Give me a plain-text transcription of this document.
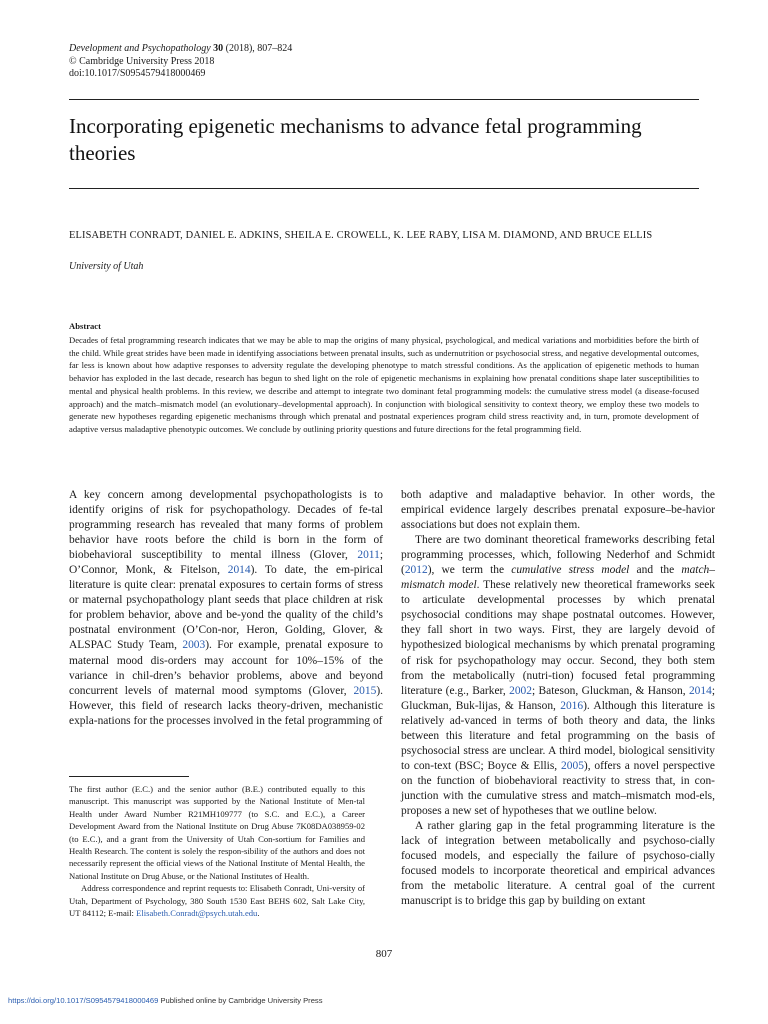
Development and Psychopathology 30 (2018), 807–824
© Cambridge University Press 2018
doi:10.1017/S0954579418000469
Incorporating epigenetic mechanisms to advance fetal programming theories
ELISABETH CONRADT, DANIEL E. ADKINS, SHEILA E. CROWELL, K. LEE RABY, LISA M. DIAMOND, AND BRUCE ELLIS
University of Utah
Abstract
Decades of fetal programming research indicates that we may be able to map the origins of many physical, psychological, and medical variations and morbidities before the birth of the child. While great strides have been made in identifying associations between prenatal insults, such as undernutrition or psychosocial stress, and negative developmental outcomes, far less is known about how adaptive responses to adversity regulate the developing phenotype to match stressful conditions. As the application of epigenetic methods to human behavior has exploded in the last decade, research has begun to shed light on the role of epigenetic mechanisms in explaining how prenatal conditions shape later susceptibilities to mental and physical health problems. In this review, we describe and attempt to integrate two dominant fetal programming models: the cumulative stress model (a disease-focused approach) and the match–mismatch model (an evolutionary–developmental approach). In conjunction with biological sensitivity to context theory, we employ these two models to generate new hypotheses regarding epigenetic mechanisms through which prenatal and postnatal experiences program child stress reactivity and, in turn, promote development of adaptive versus maladaptive phenotypic outcomes. We conclude by outlining priority questions and future directions for the fetal programming field.

A key concern among developmental psychopathologists is to identify origins of risk for psychopathology. Decades of fe-tal programming research has revealed that many forms of problem behavior have roots before the child is born in the form of biobehavioral susceptibility to mental illness (Glover, 2011; O’Connor, Monk, & Fitelson, 2014). To date, the em-pirical literature is quite clear: prenatal exposures to certain forms of stress or maternal psychopathology plant seeds that place children at risk for problem behavior, above and be-yond the quality of the child’s postnatal environment (O’Con-nor, Heron, Golding, Glover, & ALSPAC Study Team, 2003). For example, prenatal exposure to maternal mood dis-orders may account for 10%–15% of the variance in chil-dren’s behavior problems, above and beyond concurrent levels of maternal mood symptoms (Glover, 2015). However, this field of research lacks theory-driven, mechanistic expla-nations for the processes involved in the fetal programming of

both adaptive and maladaptive behavior. In other words, the empirical evidence largely describes prenatal exposure–be-havior associations but does not explain them.

There are two dominant theoretical frameworks describing fetal programming processes, which, following Nederhof and Schmidt (2012), we term the cumulative stress model and the match–mismatch model. These relatively new theoretical frameworks seek to articulate developmental processes by which prenatal psychosocial conditions may shape postnatal outcomes. However, they fall short in two ways. First, they are largely devoid of hypothesized biological mechanisms by which prenatal programing of risk for psychopathology may occur. Second, they both stem from the metabolically (nutri-tion) focused fetal programming literature (e.g., Barker, 2002; Bateson, Gluckman, & Hanson, 2014; Gluckman, Buk-lijas, & Hanson, 2016). Although this literature is relatively ad-vanced in terms of both theory and data, the links between this literature and fetal programming on the basis of psychosocial stress are unclear. A third model, biological sensitivity to con-text (BSC; Boyce & Ellis, 2005), offers a novel perspective on the function of biobehavioral reactivity to stress that, in con-junction with the cumulative stress and match–mismatch mod-els, proposes a new set of hypotheses that we outline below.

A rather glaring gap in the fetal programming literature is the lack of integration between metabolically and psychoso-cially focused models, and especially the failure of psychoso-cially focused models to incorporate theoretical and empirical advances from the metabolic literature. A central goal of the current manuscript is to bridge this gap by building on extant

The first author (E.C.) and the senior author (B.E.) contributed equally to this manuscript. This manuscript was supported by the National Institute of Men-tal Health under Award Number R21MH109777 (to S.C. and E.C.), a Career Development Award from the National Institute on Drug Abuse 7K08DA038959-02 (to E.C.), and a grant from the University of Utah Con-sortium for Families and Health Research. The content is solely the respon-sibility of the authors and does not necessarily represent the official views of the National Institute of Mental Health, the National Institute on Drug Abuse, or the National Institutes of Health.

Address correspondence and reprint requests to: Elisabeth Conradt, Uni-versity of Utah, Department of Psychology, 380 South 1530 East BEHS 602, Salt Lake City, UT 84112; E-mail: Elisabeth.Conradt@psych.utah.edu.

807
https://doi.org/10.1017/S0954579418000469 Published online by Cambridge University Press
